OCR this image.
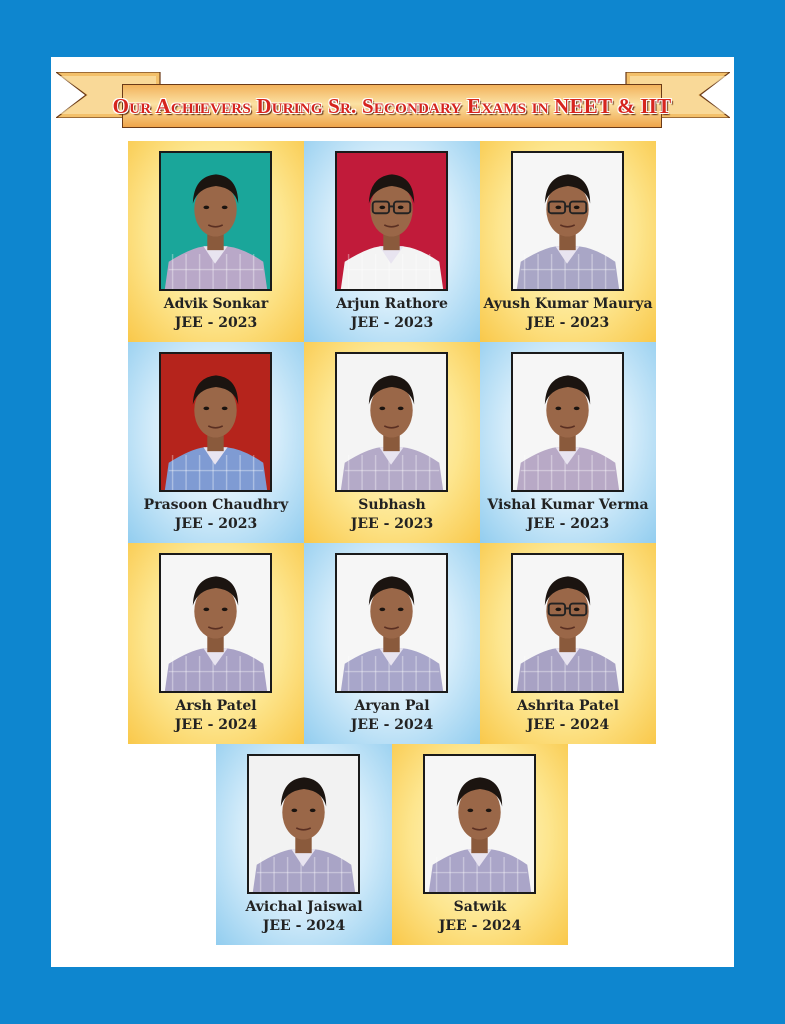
Our Achievers During Sr. Secondary Exams in NEET & IIT
Advik Sonkar
JEE - 2023
Arjun Rathore
JEE - 2023
Ayush Kumar Maurya
JEE - 2023
Prasoon Chaudhry
JEE - 2023
Subhash
JEE - 2023
Vishal Kumar Verma
JEE - 2023
Arsh Patel
JEE - 2024
Aryan Pal
JEE - 2024
Ashrita Patel
JEE - 2024
Avichal Jaiswal
JEE - 2024
Satwik
JEE - 2024
